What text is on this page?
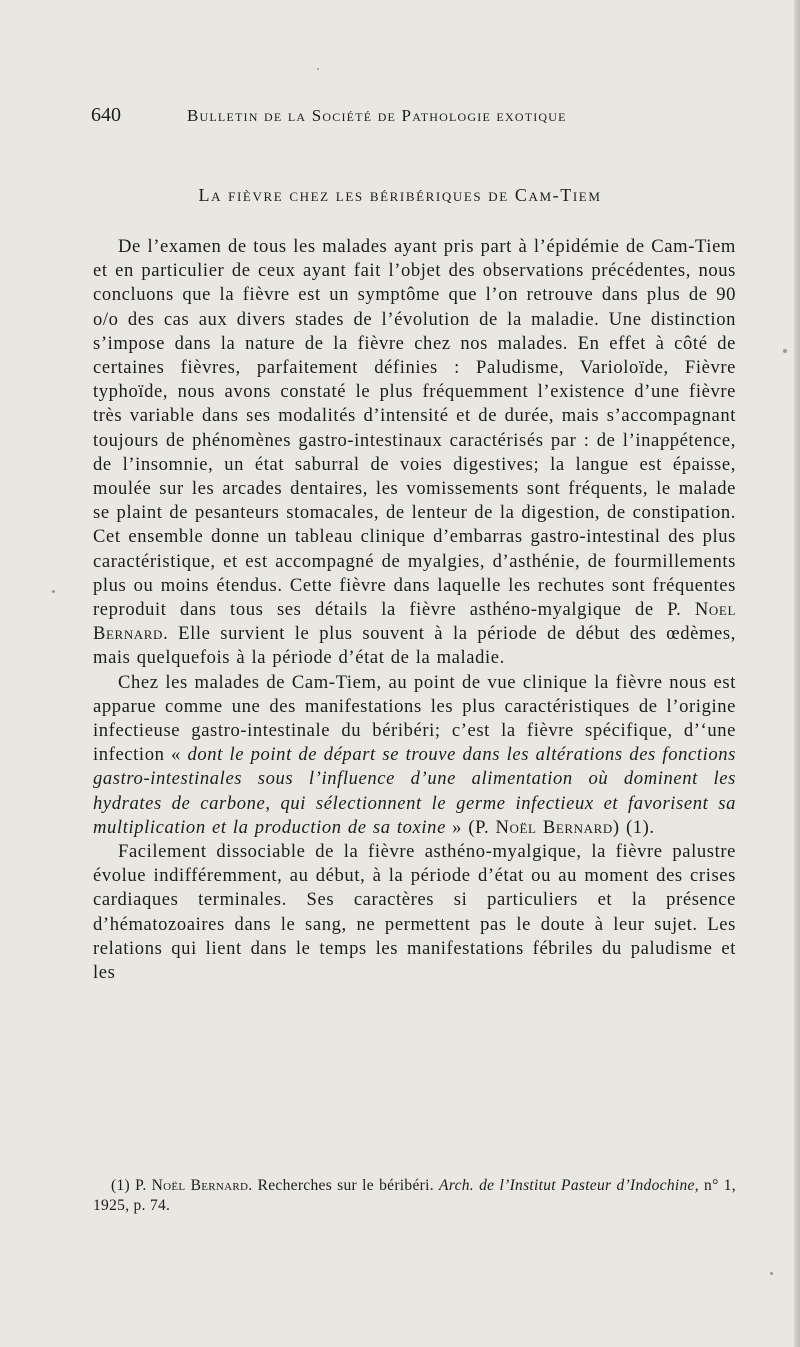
640	Bulletin de la Société de Pathologie exotique
La fièvre chez les béribériques de Cam-Tiem

De l’examen de tous les malades ayant pris part à l’épidémie de Cam-Tiem et en particulier de ceux ayant fait l’objet des observations précédentes, nous concluons que la fièvre est un symptôme que l’on retrouve dans plus de 90 o/o des cas aux divers stades de l’évolution de la maladie. Une distinction s’impose dans la nature de la fièvre chez nos malades. En effet à côté de certaines fièvres, parfaitement définies : Paludisme, Varioloïde, Fièvre typhoïde, nous avons constaté le plus fréquemment l’existence d’une fièvre très variable dans ses modalités d’intensité et de durée, mais s’accompagnant toujours de phénomènes gastro-intestinaux caractérisés par : de l’inappétence, de l’insomnie, un état saburral de voies digestives; la langue est épaisse, moulée sur les arcades dentaires, les vomissements sont fréquents, le malade se plaint de pesanteurs stomacales, de lenteur de la digestion, de constipation. Cet ensemble donne un tableau clinique d’embarras gastro-intestinal des plus caractéristique, et est accompagné de myalgies, d’asthénie, de fourmillements plus ou moins étendus. Cette fièvre dans laquelle les rechutes sont fréquentes reproduit dans tous ses détails la fièvre asthéno-myalgique de P. Noel Bernard. Elle survient le plus souvent à la période de début des œdèmes, mais quelquefois à la période d’état de la maladie.

Chez les malades de Cam-Tiem, au point de vue clinique la fièvre nous est apparue comme une des manifestations les plus caractéristiques de l’origine infectieuse gastro-intestinale du béribéri; c’est la fièvre spécifique, d’‘une infection « dont le point de départ se trouve dans les altérations des fonctions gastro-intestinales sous l’influence d’une alimentation où dominent les hydrates de carbone, qui sélectionnent le germe infectieux et favorisent sa multiplication et la production de sa toxine » (P. Noël Bernard) (1).

Facilement dissociable de la fièvre asthéno-myalgique, la fièvre palustre évolue indifféremment, au début, à la période d’état ou au moment des crises cardiaques terminales. Ses caractères si particuliers et la présence d’hématozoaires dans le sang, ne permettent pas le doute à leur sujet. Les relations qui lient dans le temps les manifestations fébriles du paludisme et les

(1) P. Noël Bernard. Recherches sur le béribéri. Arch. de l’Institut Pasteur d’Indochine, n° 1, 1925, p. 74.
